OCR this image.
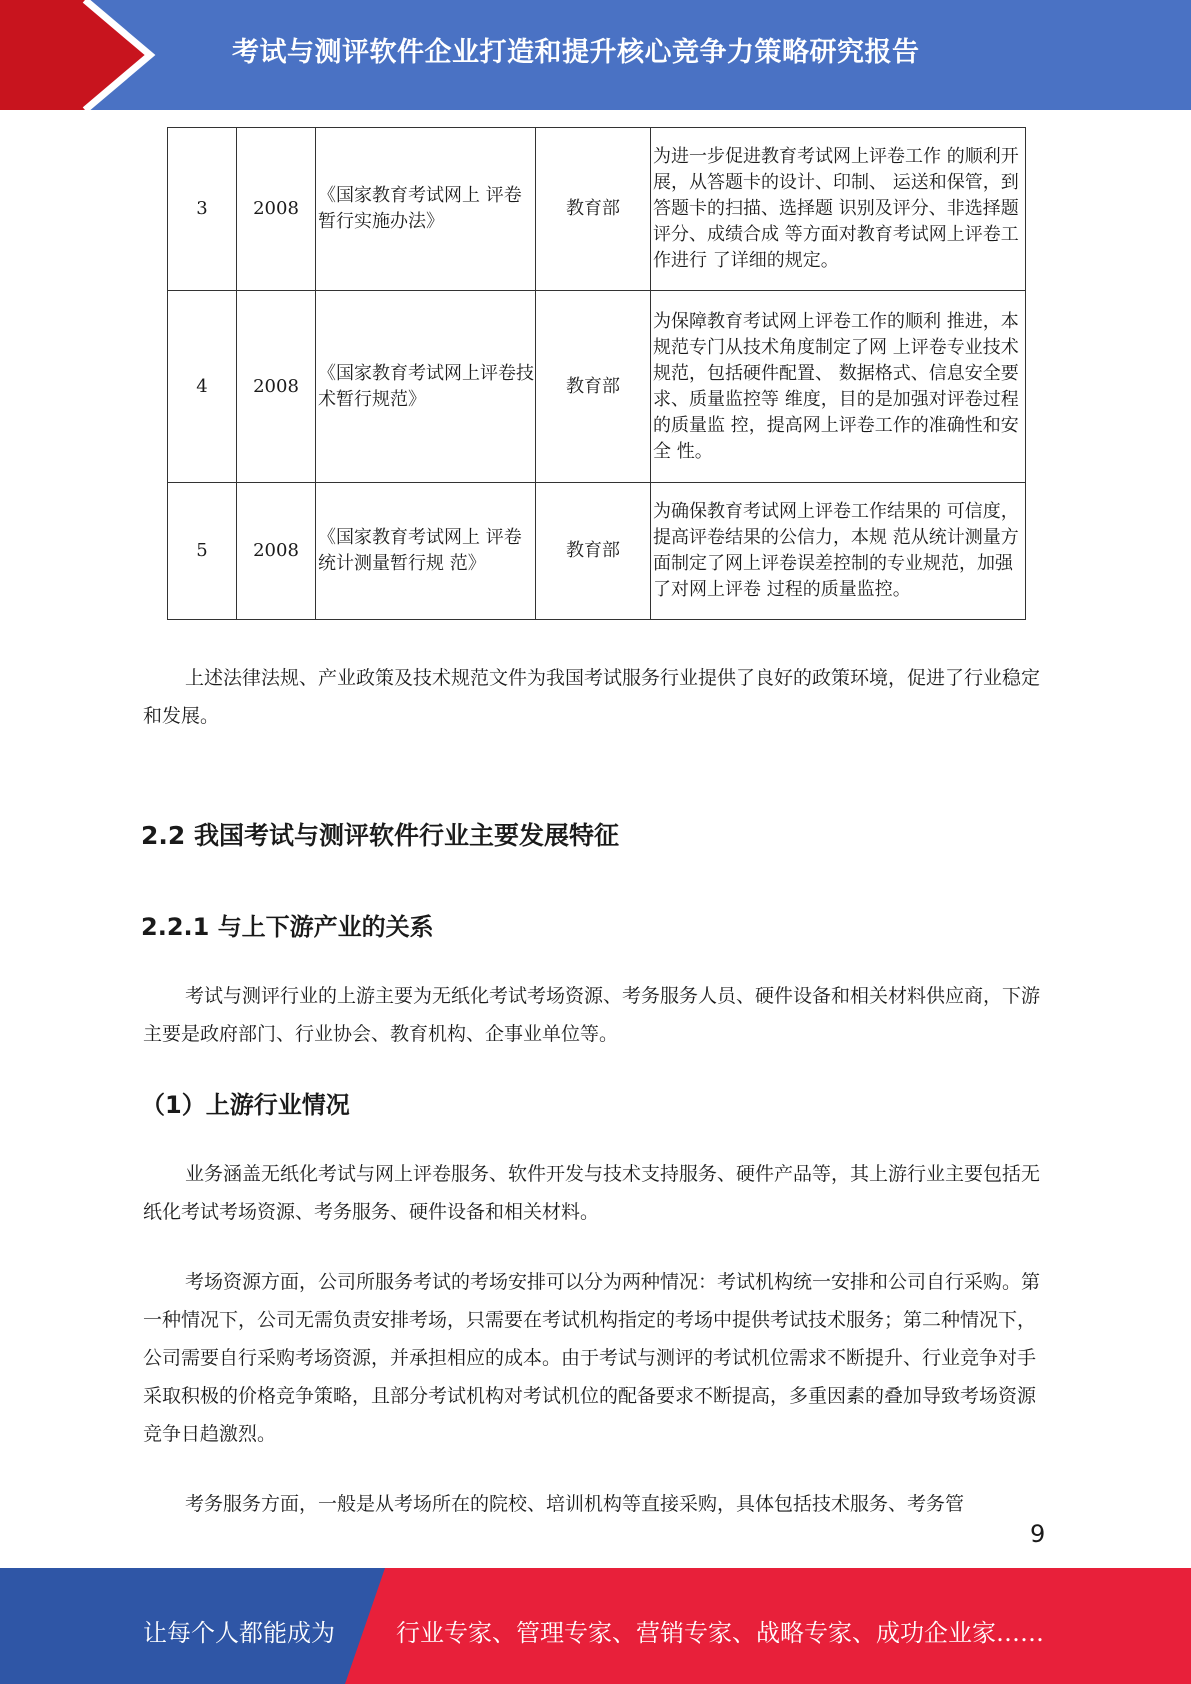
考试与测评软件企业打造和提升核心竞争力策略研究报告
3	2008	《国家教育考试网上 评卷暂行实施办法》	教育部	为进一步促进教育考试网上评卷工作 的顺利开展，从答题卡的设计、印制、 运送和保管，到答题卡的扫描、选择题 识别及评分、非选择题评分、成绩合成 等方面对教育考试网上评卷工作进行 了详细的规定。
4	2008	《国家教育考试网上评卷技术暂行规范》	教育部	为保障教育考试网上评卷工作的顺利 推进，本规范专门从技术角度制定了网 上评卷专业技术规范，包括硬件配置、 数据格式、信息安全要求、质量监控等 维度，目的是加强对评卷过程的质量监 控，提高网上评卷工作的准确性和安全 性。
5	2008	《国家教育考试网上 评卷统计测量暂行规 范》	教育部	为确保教育考试网上评卷工作结果的 可信度，提高评卷结果的公信力，本规 范从统计测量方面制定了网上评卷误差控制的专业规范，加强了对网上评卷 过程的质量监控。

上述法律法规、产业政策及技术规范文件为我国考试服务行业提供了良好的政策环境，促进了行业稳定和发展。

2.2 我国考试与测评软件行业主要发展特征
2.2.1 与上下游产业的关系

考试与测评行业的上游主要为无纸化考试考场资源、考务服务人员、硬件设备和相关材料供应商，下游主要是政府部门、行业协会、教育机构、企事业单位等。

（1）上游行业情况

业务涵盖无纸化考试与网上评卷服务、软件开发与技术支持服务、硬件产品等，其上游行业主要包括无纸化考试考场资源、考务服务、硬件设备和相关材料。

考场资源方面，公司所服务考试的考场安排可以分为两种情况：考试机构统一安排和公司自行采购。第一种情况下，公司无需负责安排考场，只需要在考试机构指定的考场中提供考试技术服务；第二种情况下，公司需要自行采购考场资源，并承担相应的成本。由于考试与测评的考试机位需求不断提升、行业竞争对手采取积极的价格竞争策略，且部分考试机构对考试机位的配备要求不断提高，多重因素的叠加导致考场资源竞争日趋激烈。

考务服务方面，一般是从考场所在的院校、培训机构等直接采购，具体包括技术服务、考务管

9
让每个人都能成为	行业专家、管理专家、营销专家、战略专家、成功企业家……
